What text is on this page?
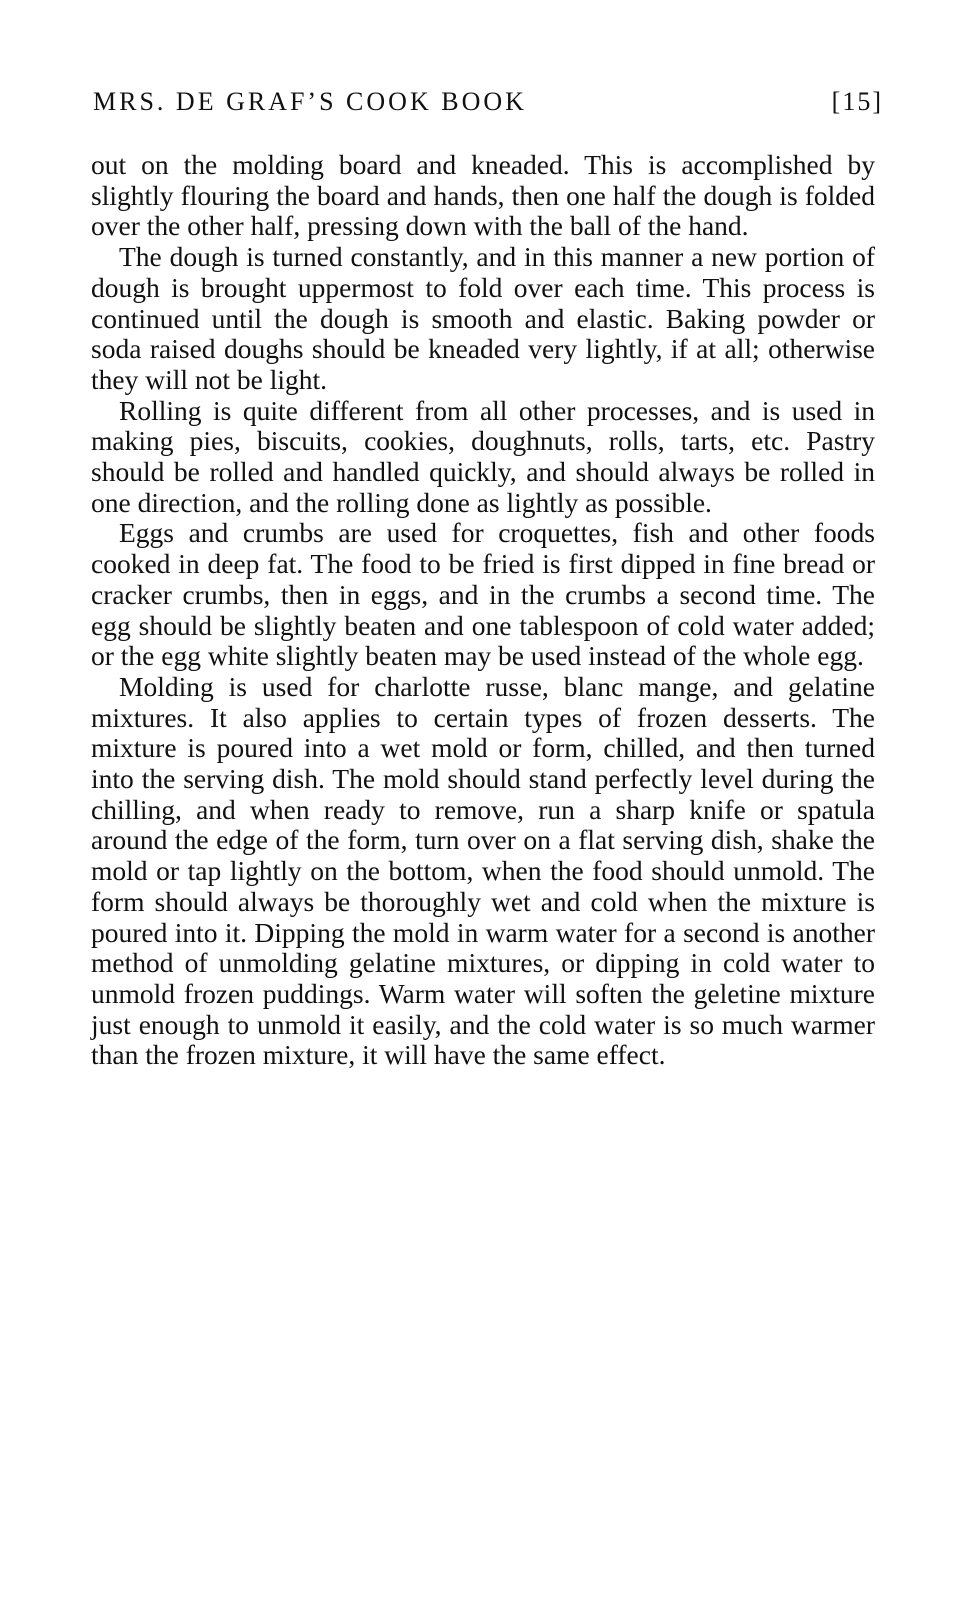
MRS. DE GRAF’S COOK BOOK	[15]

out on the molding board and kneaded. This is accomplished by slightly flouring the board and hands, then one half the dough is folded over the other half, pressing down with the ball of the hand.

The dough is turned constantly, and in this manner a new portion of dough is brought uppermost to fold over each time. This process is continued until the dough is smooth and elastic. Baking powder or soda raised doughs should be kneaded very lightly, if at all; otherwise they will not be light.

Rolling is quite different from all other processes, and is used in making pies, biscuits, cookies, doughnuts, rolls, tarts, etc. Pastry should be rolled and handled quickly, and should always be rolled in one direction, and the rolling done as lightly as possible.

Eggs and crumbs are used for croquettes, fish and other foods cooked in deep fat. The food to be fried is first dipped in fine bread or cracker crumbs, then in eggs, and in the crumbs a second time. The egg should be slightly beaten and one tablespoon of cold water added; or the egg white slightly beaten may be used instead of the whole egg.

Molding is used for charlotte russe, blanc mange, and gelatine mixtures. It also applies to certain types of frozen desserts. The mixture is poured into a wet mold or form, chilled, and then turned into the serving dish. The mold should stand perfectly level during the chilling, and when ready to remove, run a sharp knife or spatula around the edge of the form, turn over on a flat serving dish, shake the mold or tap lightly on the bottom, when the food should unmold. The form should always be thoroughly wet and cold when the mixture is poured into it. Dipping the mold in warm water for a second is another method of unmolding gelatine mixtures, or dipping in cold water to unmold frozen puddings. Warm water will soften the geletine mixture just enough to unmold it easily, and the cold water is so much warmer than the frozen mixture, it will have the same effect.
